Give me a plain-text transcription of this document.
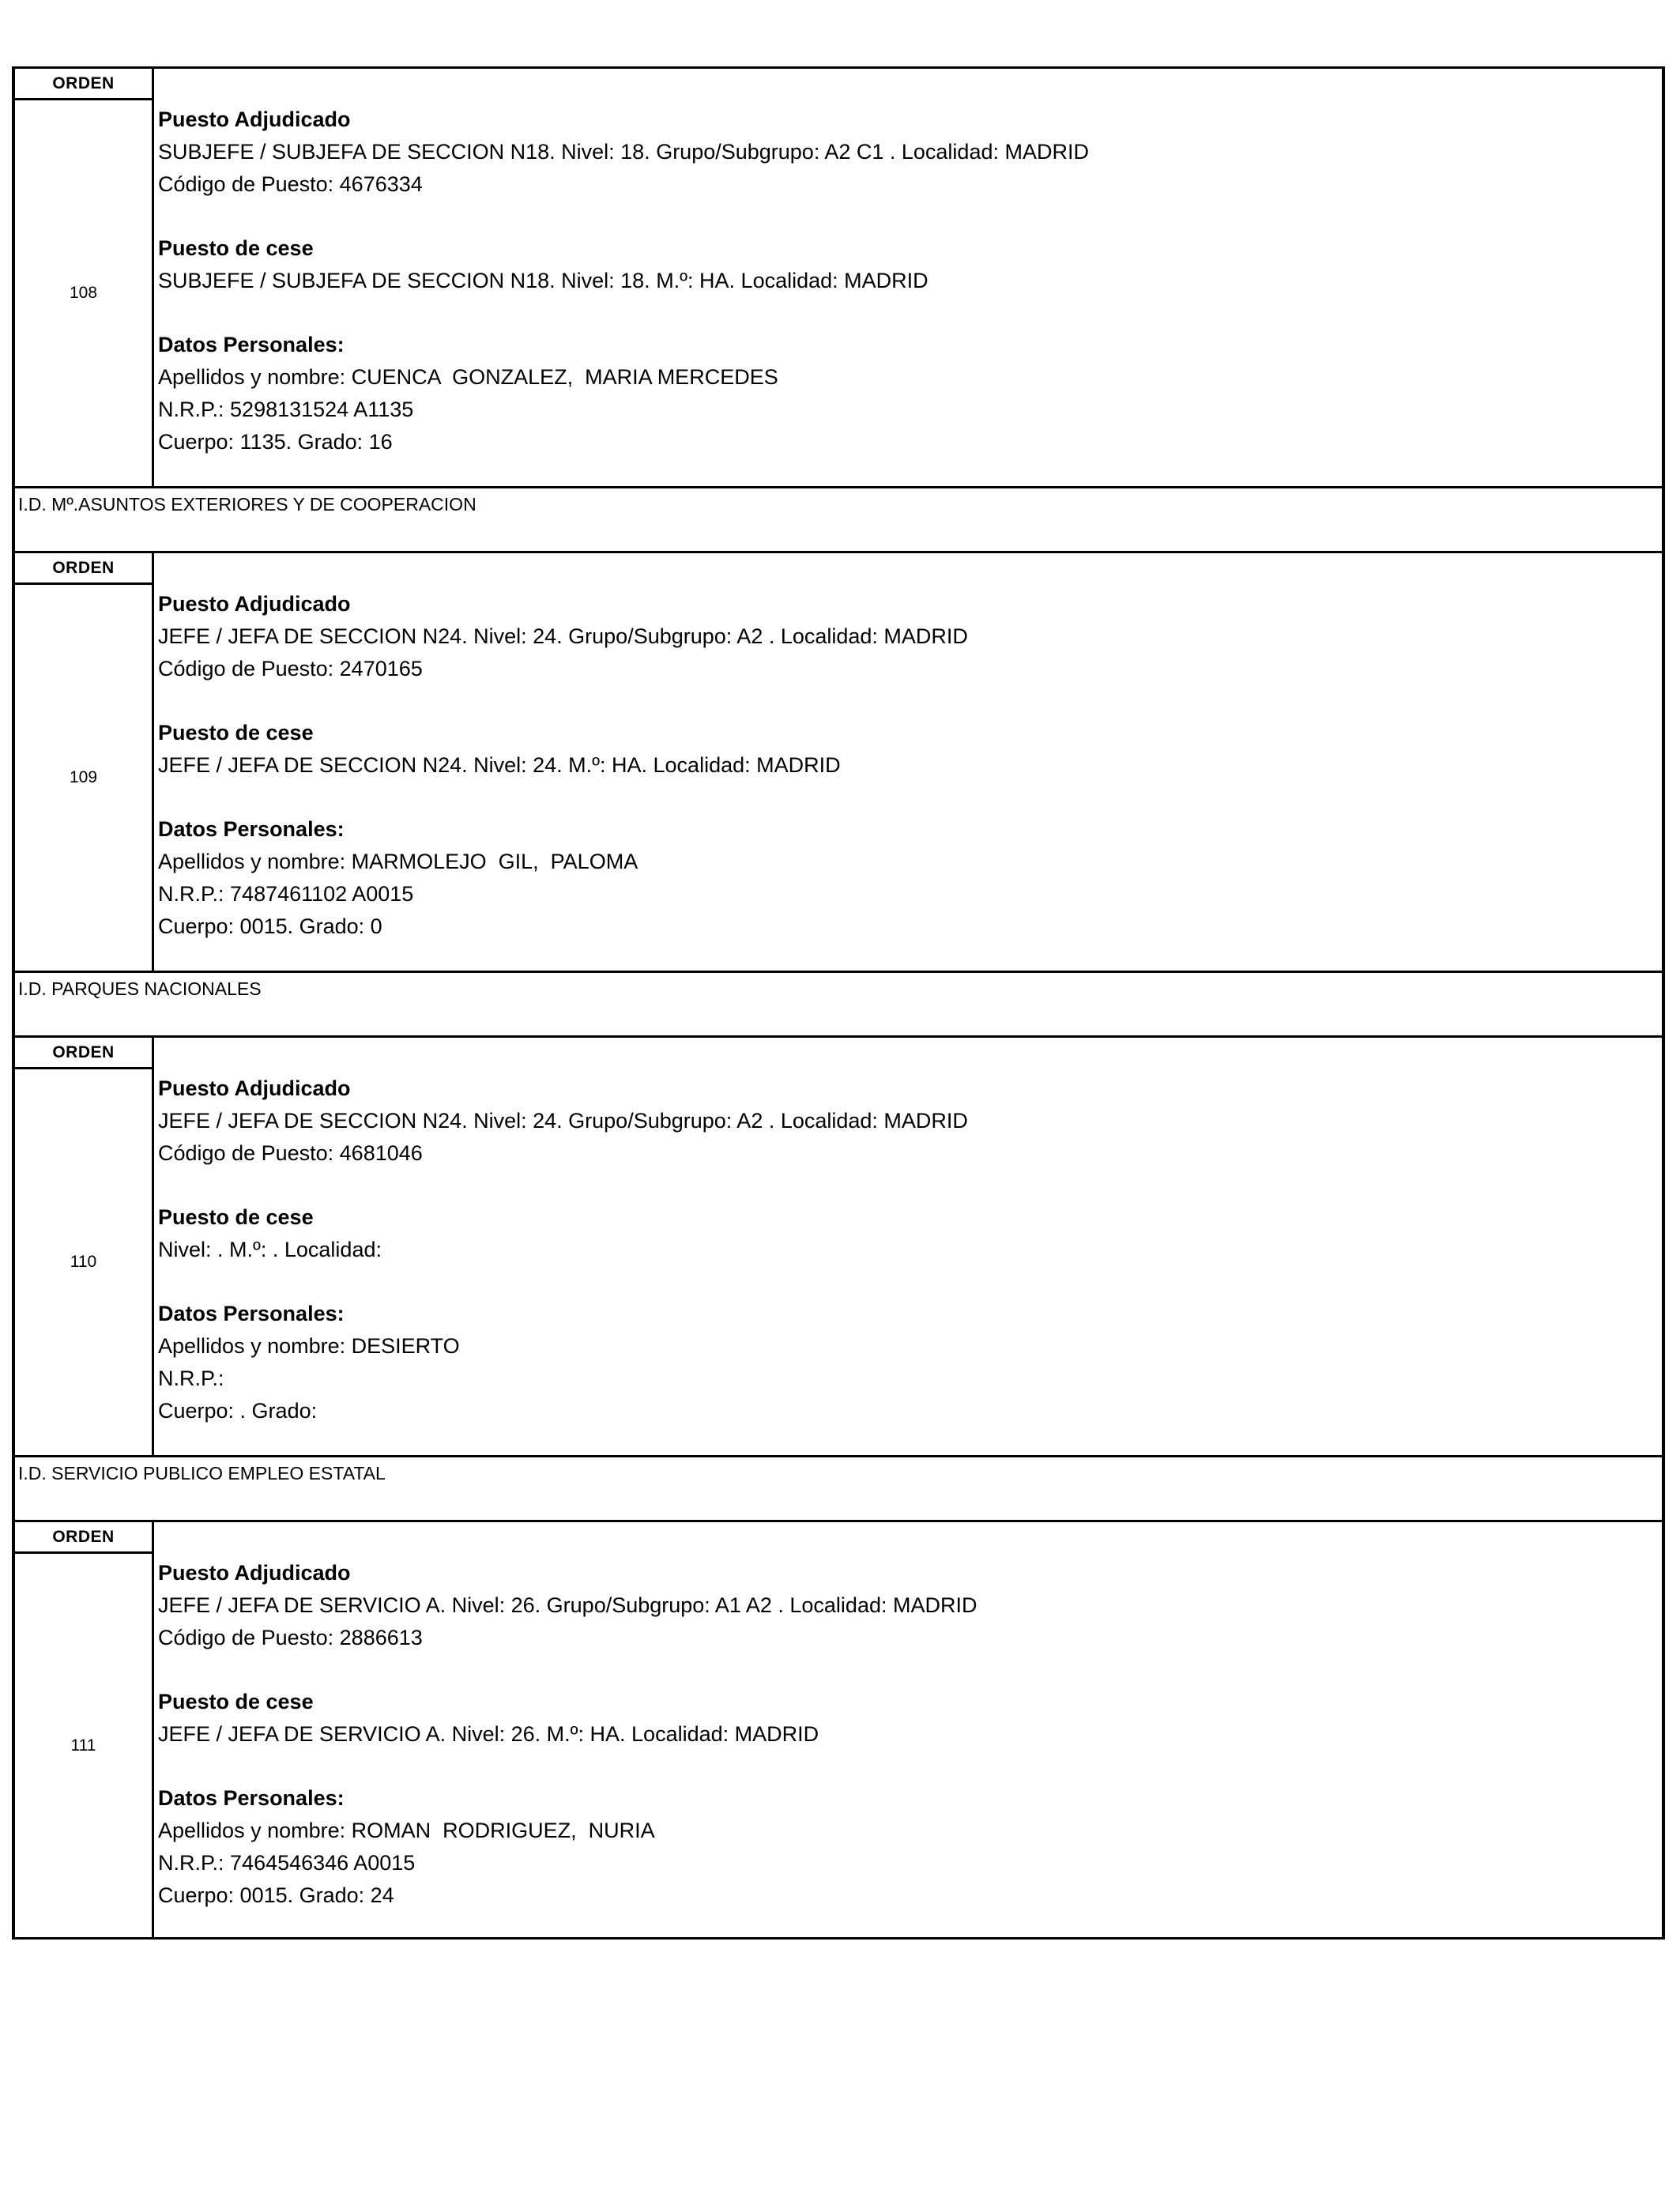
ORDEN
108
Puesto Adjudicado
SUBJEFE / SUBJEFA DE SECCION N18. Nivel: 18. Grupo/Subgrupo: A2 C1 . Localidad: MADRID
Código de Puesto: 4676334
Puesto de cese
SUBJEFE / SUBJEFA DE SECCION N18. Nivel: 18. M.º: HA. Localidad: MADRID
Datos Personales:
Apellidos y nombre: CUENCA  GONZALEZ,  MARIA MERCEDES
N.R.P.: 5298131524 A1135
Cuerpo: 1135. Grado: 16
I.D. Mº.ASUNTOS EXTERIORES Y DE COOPERACION
ORDEN
109
Puesto Adjudicado
JEFE / JEFA DE SECCION N24. Nivel: 24. Grupo/Subgrupo: A2 . Localidad: MADRID
Código de Puesto: 2470165
Puesto de cese
JEFE / JEFA DE SECCION N24. Nivel: 24. M.º: HA. Localidad: MADRID
Datos Personales:
Apellidos y nombre: MARMOLEJO  GIL,  PALOMA
N.R.P.: 7487461102 A0015
Cuerpo: 0015. Grado: 0
I.D. PARQUES NACIONALES
ORDEN
110
Puesto Adjudicado
JEFE / JEFA DE SECCION N24. Nivel: 24. Grupo/Subgrupo: A2 . Localidad: MADRID
Código de Puesto: 4681046
Puesto de cese
Nivel: . M.º: . Localidad:
Datos Personales:
Apellidos y nombre: DESIERTO
N.R.P.:
Cuerpo: . Grado:
I.D. SERVICIO PUBLICO EMPLEO ESTATAL
ORDEN
111
Puesto Adjudicado
JEFE / JEFA DE SERVICIO A. Nivel: 26. Grupo/Subgrupo: A1 A2 . Localidad: MADRID
Código de Puesto: 2886613
Puesto de cese
JEFE / JEFA DE SERVICIO A. Nivel: 26. M.º: HA. Localidad: MADRID
Datos Personales:
Apellidos y nombre: ROMAN  RODRIGUEZ,  NURIA
N.R.P.: 7464546346 A0015
Cuerpo: 0015. Grado: 24
